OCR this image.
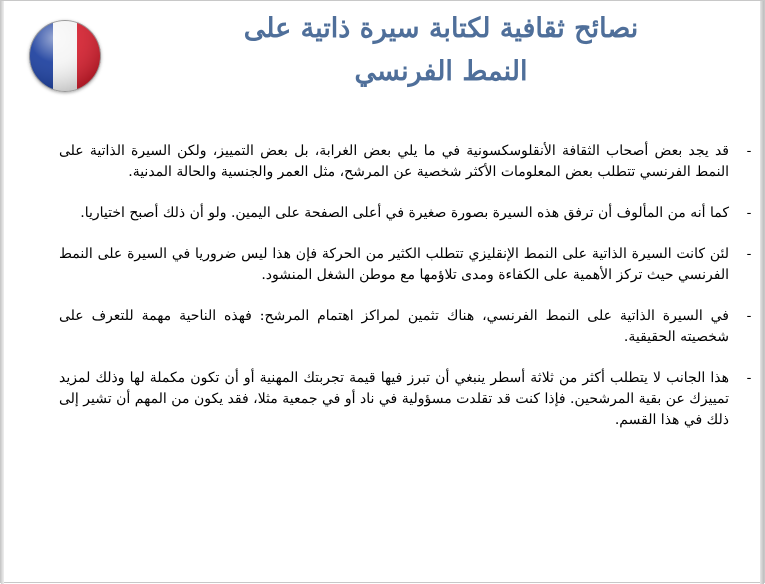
نصائح ثقافية لكتابة سيرة ذاتية على
النمط الفرنسي
-
قد يجد بعض أصحاب الثقافة الأنقلوسكسونية في ما يلي بعض الغرابة، بل بعض التمييز، ولكن السيرة الذاتية على النمط الفرنسي تتطلب بعض المعلومات الأكثر شخصية عن المرشح، مثل العمر والجنسية والحالة المدنية.
-
كما أنه من المألوف أن ترفق هذه السيرة بصورة صغيرة في أعلى الصفحة على اليمين. ولو أن ذلك أصبح اختياريا.
-
لئن كانت السيرة الذاتية على النمط الإنقليزي تتطلب الكثير من الحركة فإن هذا ليس ضروريا في السيرة على النمط الفرنسي حيث تركز الأهمية على الكفاءة ومدى تلاؤمها مع موطن الشغل المنشود.
-
في السيرة الذاتية على النمط الفرنسي، هناك تثمين لمراكز اهتمام المرشح: فهذه الناحية مهمة للتعرف على شخصيته الحقيقية.
-
هذا الجانب لا يتطلب أكثر من ثلاثة أسطر ينبغي أن تبرز فيها قيمة تجربتك المهنية أو أن تكون مكملة لها وذلك لمزيد تمييزك عن بقية المرشحين. فإذا كنت قد تقلدت مسؤولية في ناد أو في جمعية مثلا، فقد يكون من المهم أن تشير إلى ذلك في هذا القسم.
